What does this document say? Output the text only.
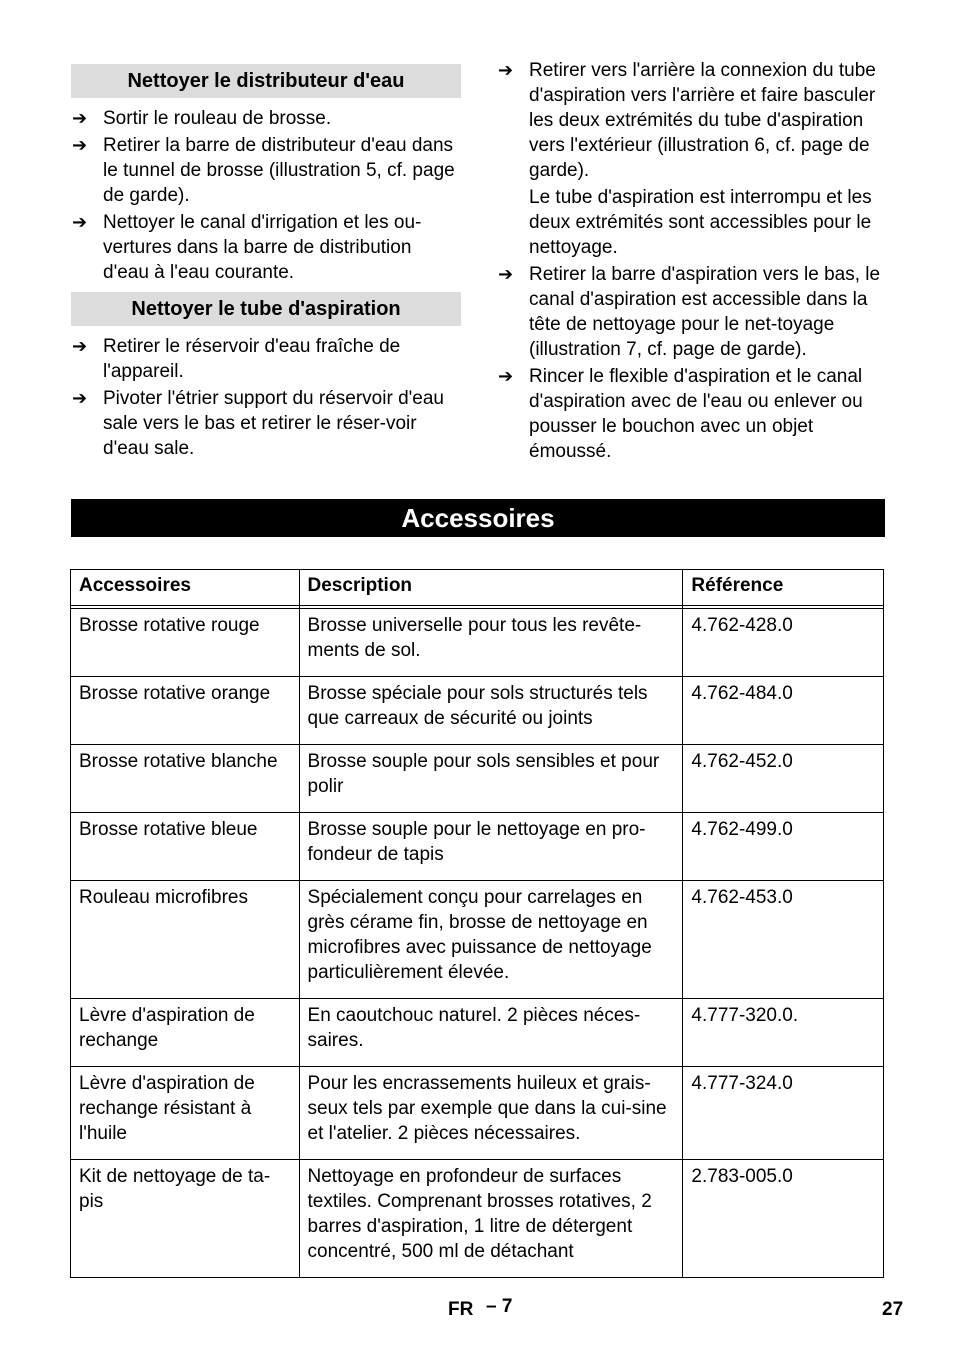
Nettoyer le distributeur d'eau
➔ Sortir le rouleau de brosse.
➔ Retirer la barre de distributeur d'eau dans le tunnel de brosse (illustration 5, cf. page de garde).
➔ Nettoyer le canal d'irrigation et les ou-vertures dans la barre de distribution d'eau à l'eau courante.
Nettoyer le tube d'aspiration
➔ Retirer le réservoir d'eau fraîche de l'appareil.
➔ Pivoter l'étrier support du réservoir d'eau sale vers le bas et retirer le réser-voir d'eau sale.
➔ Retirer vers l'arrière la connexion du tube d'aspiration vers l'arrière et faire basculer les deux extrémités du tube d'aspiration vers l'extérieur (illustration 6, cf. page de garde).

Le tube d'aspiration est interrompu et les deux extrémités sont accessibles pour le nettoyage.

➔ Retirer la barre d'aspiration vers le bas, le canal d'aspiration est accessible dans la tête de nettoyage pour le net-toyage (illustration 7, cf. page de garde).
➔ Rincer le flexible d'aspiration et le canal d'aspiration avec de l'eau ou enlever ou pousser le bouchon avec un objet émoussé.
Accessoires
Accessoires	Description	Référence

Brosse rotative rouge	Brosse universelle pour tous les revête-ments de sol.	4.762-428.0
Brosse rotative orange	Brosse spéciale pour sols structurés tels que carreaux de sécurité ou joints	4.762-484.0
Brosse rotative blanche	Brosse souple pour sols sensibles et pour polir	4.762-452.0
Brosse rotative bleue	Brosse souple pour le nettoyage en pro-fondeur de tapis	4.762-499.0
Rouleau microfibres	Spécialement conçu pour carrelages en grès cérame fin, brosse de nettoyage en microfibres avec puissance de nettoyage particulièrement élevée.	4.762-453.0
Lèvre d'aspiration de rechange	En caoutchouc naturel. 2 pièces néces-saires.	4.777-320.0.
Lèvre d'aspiration de rechange résistant à l'huile	Pour les encrassements huileux et grais-seux tels par exemple que dans la cui-sine et l'atelier. 2 pièces nécessaires.	4.777-324.0
Kit de nettoyage de ta-pis	Nettoyage en profondeur de surfaces textiles. Comprenant brosses rotatives, 2 barres d'aspiration, 1 litre de détergent concentré, 500 ml de détachant	2.783-005.0
FR – 7	27
